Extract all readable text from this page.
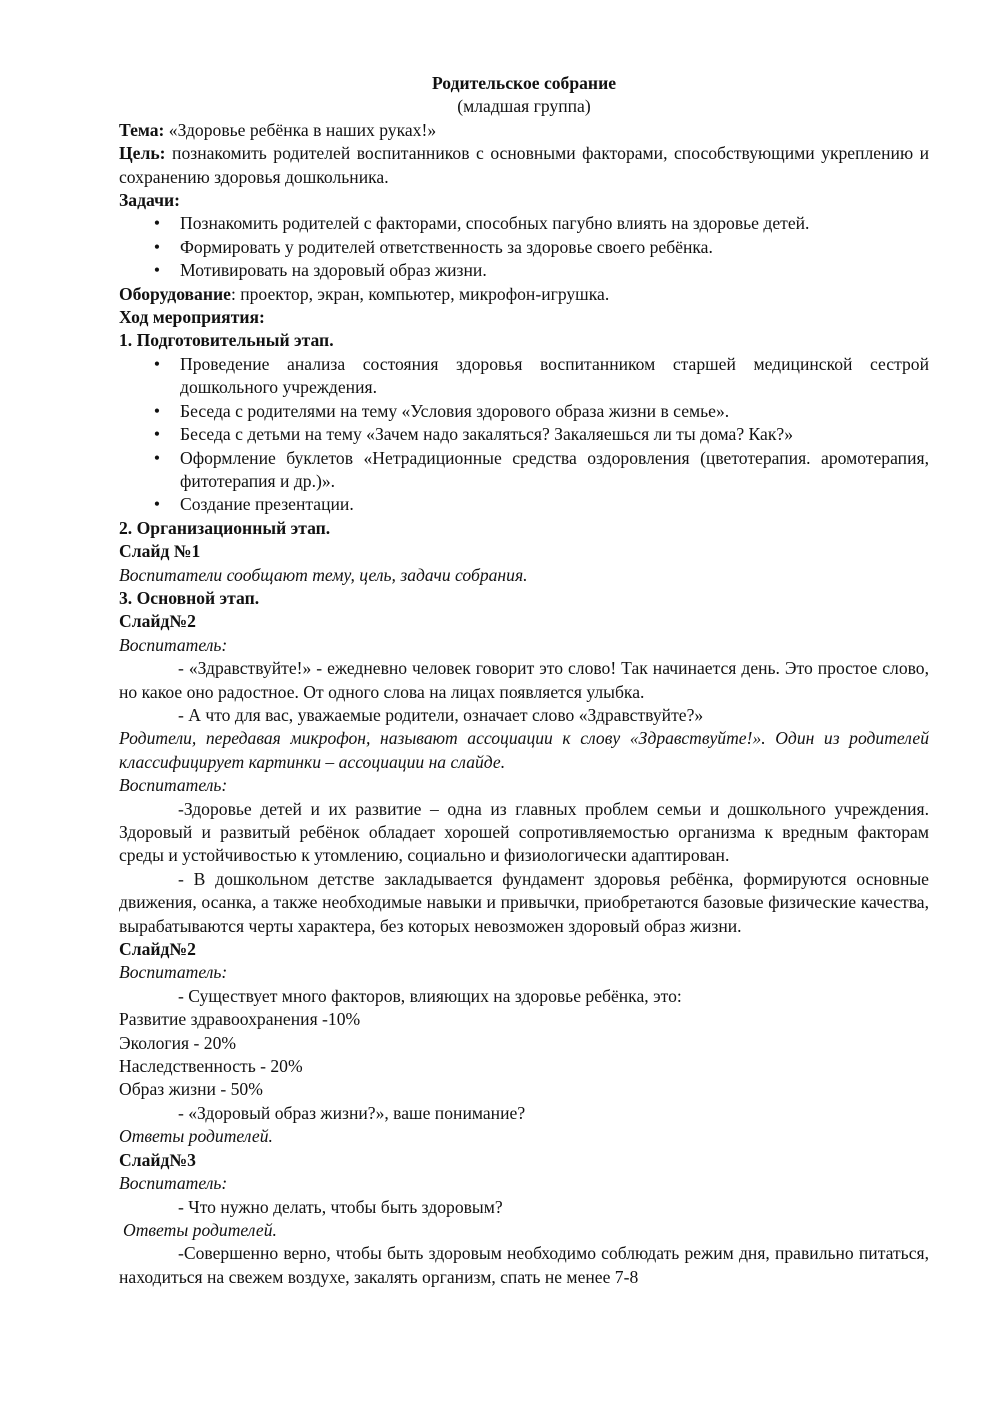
Родительское собрание

(младшая группа)

Тема: «Здоровье ребёнка в наших руках!»

Цель: познакомить родителей воспитанников с основными факторами, способствующими укреплению и сохранению здоровья дошкольника.

Задачи:

• Познакомить родителей с факторами, способных пагубно влиять на здоровье детей.
• Формировать у родителей ответственность за здоровье своего ребёнка.
• Мотивировать на здоровый образ жизни.

Оборудование: проектор, экран, компьютер, микрофон-игрушка.

Ход мероприятия:

1. Подготовительный этап.

• Проведение анализа состояния здоровья воспитанником старшей медицинской сестрой дошкольного учреждения.
• Беседа с родителями на тему «Условия здорового образа жизни в семье».
• Беседа с детьми на тему «Зачем надо закаляться? Закаляешься ли ты дома? Как?»
• Оформление буклетов «Нетрадиционные средства оздоровления (цветотерапия. аромотерапия, фитотерапия и др.)».
• Создание презентации.

2. Организационный этап.

Слайд №1

Воспитатели сообщают тему, цель, задачи собрания.

3. Основной этап.

Слайд№2

Воспитатель:

- «Здравствуйте!» - ежедневно человек говорит это слово! Так начинается день. Это простое слово, но какое оно радостное. От одного слова на лицах появляется улыбка.

- А что для вас, уважаемые родители, означает слово «Здравствуйте?»

Родители, передавая микрофон, называют ассоциации к слову «Здравствуйте!». Один из родителей классифицирует картинки – ассоциации на слайде.

Воспитатель:

-Здоровье детей и их развитие – одна из главных проблем семьи и дошкольного учреждения. Здоровый и развитый ребёнок обладает хорошей сопротивляемостью организма к вредным факторам среды и устойчивостью к утомлению, социально и физиологически адаптирован.

- В дошкольном детстве закладывается фундамент здоровья ребёнка, формируются основные движения, осанка, а также необходимые навыки и привычки, приобретаются базовые физические качества, вырабатываются черты характера, без которых невозможен здоровый образ жизни.

Слайд№2

Воспитатель:

- Существует много факторов, влияющих на здоровье ребёнка, это:

Развитие здравоохранения -10%

Экология - 20%

Наследственность - 20%

Образ жизни - 50%

- «Здоровый образ жизни?», ваше понимание?

Ответы родителей.

Слайд№3

Воспитатель:

- Что нужно делать, чтобы быть здоровым?

Ответы родителей.

-Совершенно верно, чтобы быть здоровым необходимо соблюдать режим дня, правильно питаться, находиться на свежем воздухе, закалять организм, спать не менее 7-8
